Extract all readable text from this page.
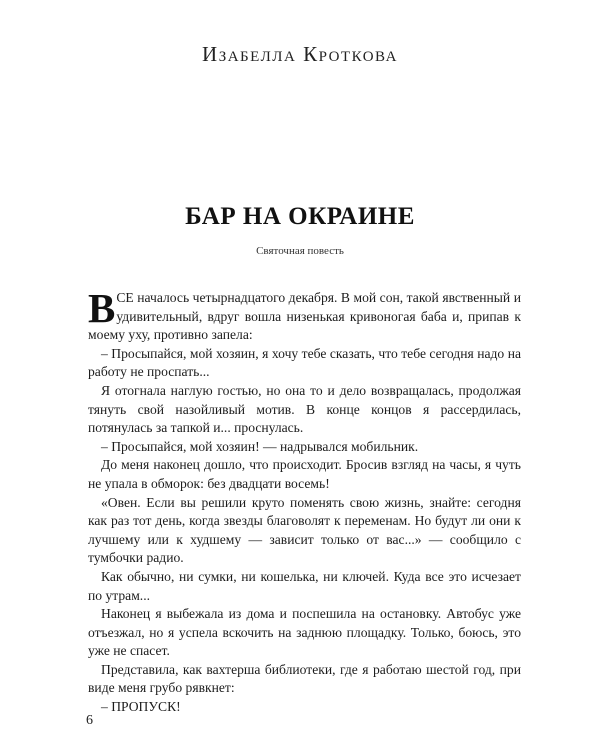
Изабелла Кроткова
БАР НА ОКРАИНЕ
Святочная повесть

ВСЕ началось четырнадцатого декабря. В мой сон, такой явственный и удивительный, вдруг вошла низенькая кривоногая баба и, припав к моему уху, противно запела:

– Просыпайся, мой хозяин, я хочу тебе сказать, что тебе сегодня надо на работу не проспать...

Я отогнала наглую гостью, но она то и дело возвращалась, продолжая тянуть свой назойливый мотив. В конце концов я рассердилась, потянулась за тапкой и... проснулась.

– Просыпайся, мой хозяин! — надрывался мобильник.

До меня наконец дошло, что происходит. Бросив взгляд на часы, я чуть не упала в обморок: без двадцати восемь!

«Овен. Если вы решили круто поменять свою жизнь, знайте: сегодня как раз тот день, когда звезды благоволят к переменам. Но будут ли они к лучшему или к худшему — зависит только от вас...» — сообщило с тумбочки радио.

Как обычно, ни сумки, ни кошелька, ни ключей. Куда все это исчезает по утрам...

Наконец я выбежала из дома и поспешила на остановку. Автобус уже отъезжал, но я успела вскочить на заднюю площадку. Только, боюсь, это уже не спасет.

Представила, как вахтерша библиотеки, где я работаю шестой год, при виде меня грубо рявкнет:

– ПРОПУСК!

6
